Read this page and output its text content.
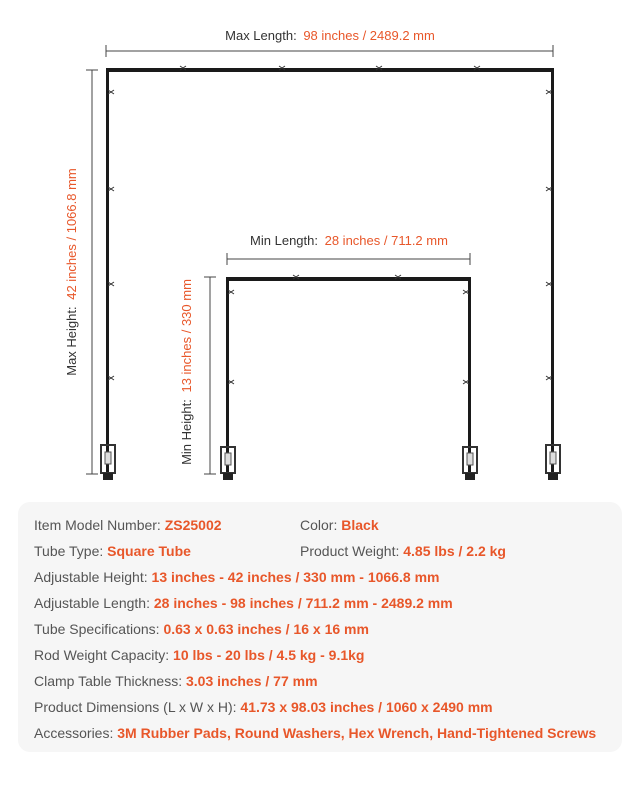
Max Length: 98 inches / 2489.2 mm
Max Height: 42 inches / 1066.8 mm	Min Length: 28 inches / 711.2 mm
Min Height: 13 inches / 330 mm
Item Model Number: ZS25002	Color: Black
Tube Type: Square Tube	Product Weight: 4.85 lbs / 2.2 kg
Adjustable Height: 13 inches - 42 inches / 330 mm - 1066.8 mm
Adjustable Length: 28 inches - 98 inches / 711.2 mm - 2489.2 mm
Tube Specifications: 0.63 x 0.63 inches / 16 x 16 mm
Rod Weight Capacity: 10 lbs - 20 lbs / 4.5 kg - 9.1kg
Clamp Table Thickness: 3.03 inches / 77 mm
Product Dimensions (L x W x H): 41.73 x 98.03 inches / 1060 x 2490 mm
Accessories: 3M Rubber Pads, Round Washers, Hex Wrench, Hand-Tightened Screws
